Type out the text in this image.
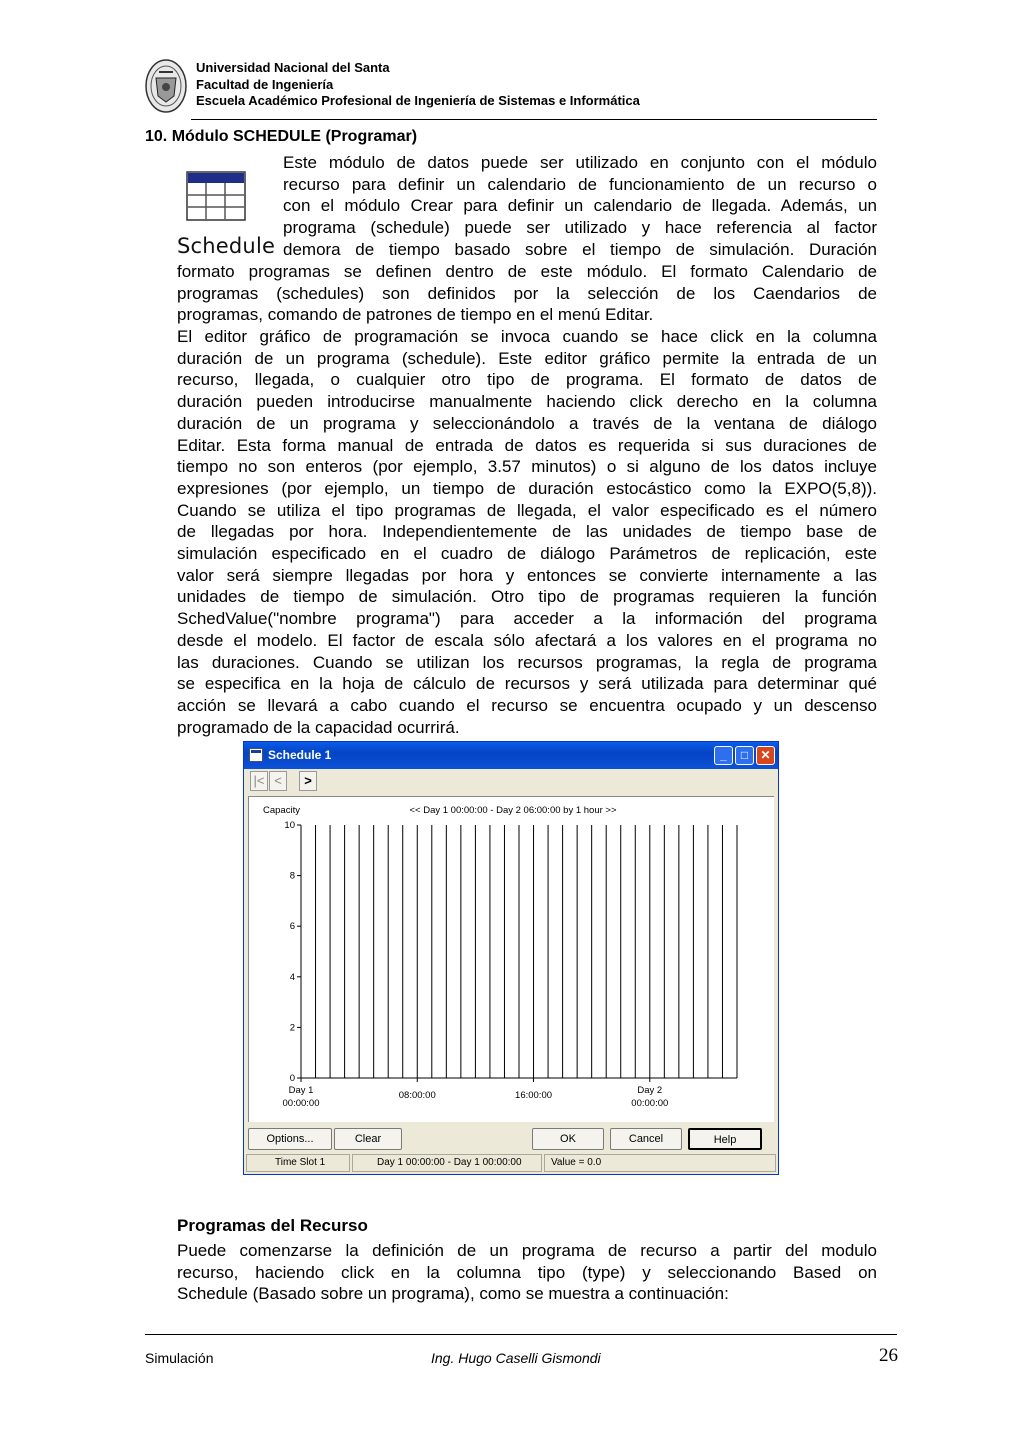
Universidad Nacional del Santa
Facultad de Ingeniería
Escuela Académico Profesional de Ingeniería de Sistemas e Informática
10. Módulo SCHEDULE (Programar)
Schedule
Este módulo de datos puede ser utilizado en conjunto con el módulo
recurso para definir un calendario de funcionamiento de un recurso o
con el módulo Crear para definir un calendario de llegada. Además, un
programa (schedule) puede ser utilizado y hace referencia al factor
demora de tiempo basado sobre el tiempo de simulación. Duración
formato programas se definen dentro de este módulo. El formato Calendario de
programas (schedules) son definidos por la selección de los Caendarios de
programas, comando de patrones de tiempo en el menú Editar.
El editor gráfico de programación se invoca cuando se hace click en la columna
duración de un programa (schedule). Este editor gráfico permite la entrada de un
recurso, llegada, o cualquier otro tipo de programa. El formato de datos de
duración pueden introducirse manualmente haciendo click derecho en la columna
duración de un programa y seleccionándolo a través de la ventana de diálogo
Editar. Esta forma manual de entrada de datos es requerida si sus duraciones de
tiempo no son enteros (por ejemplo, 3.57 minutos) o si alguno de los datos incluye
expresiones (por ejemplo, un tiempo de duración estocástico como la EXPO(5,8)).
Cuando se utiliza el tipo programas de llegada, el valor especificado es el número
de llegadas por hora. Independientemente de las unidades de tiempo base de
simulación especificado en el cuadro de diálogo Parámetros de replicación, este
valor será siempre llegadas por hora y entonces se convierte internamente a las
unidades de tiempo de simulación. Otro tipo de programas requieren la función
SchedValue("nombre programa") para acceder a la información del programa
desde el modelo. El factor de escala sólo afectará a los valores en el programa no
las duraciones. Cuando se utilizan los recursos programas, la regla de programa
se especifica en la hoja de cálculo de recursos y será utilizada para determinar qué
acción se llevará a cabo cuando el recurso se encuentra ocupado y un descenso
programado de la capacidad ocurrirá.
Schedule 1	_	□	✕
|< <	>
Capacity	<< Day 1 00:00:00 - Day 2 06:00:00 by 1 hour >>
0
2
4
6
8
10
Day 1
00:00:00
08:00:00	16:00:00	Day 2
00:00:00
Options...	Clear	OK	Cancel	Help
Time Slot 1	Day 1 00:00:00 - Day 1 00:00:00	Value = 0.0
Programas del Recurso
Puede comenzarse la definición de un programa de recurso a partir del modulo
recurso, haciendo click en la columna tipo (type) y seleccionando Based on
Schedule (Basado sobre un programa), como se muestra a continuación:
Simulación	Ing. Hugo Caselli Gismondi	26
